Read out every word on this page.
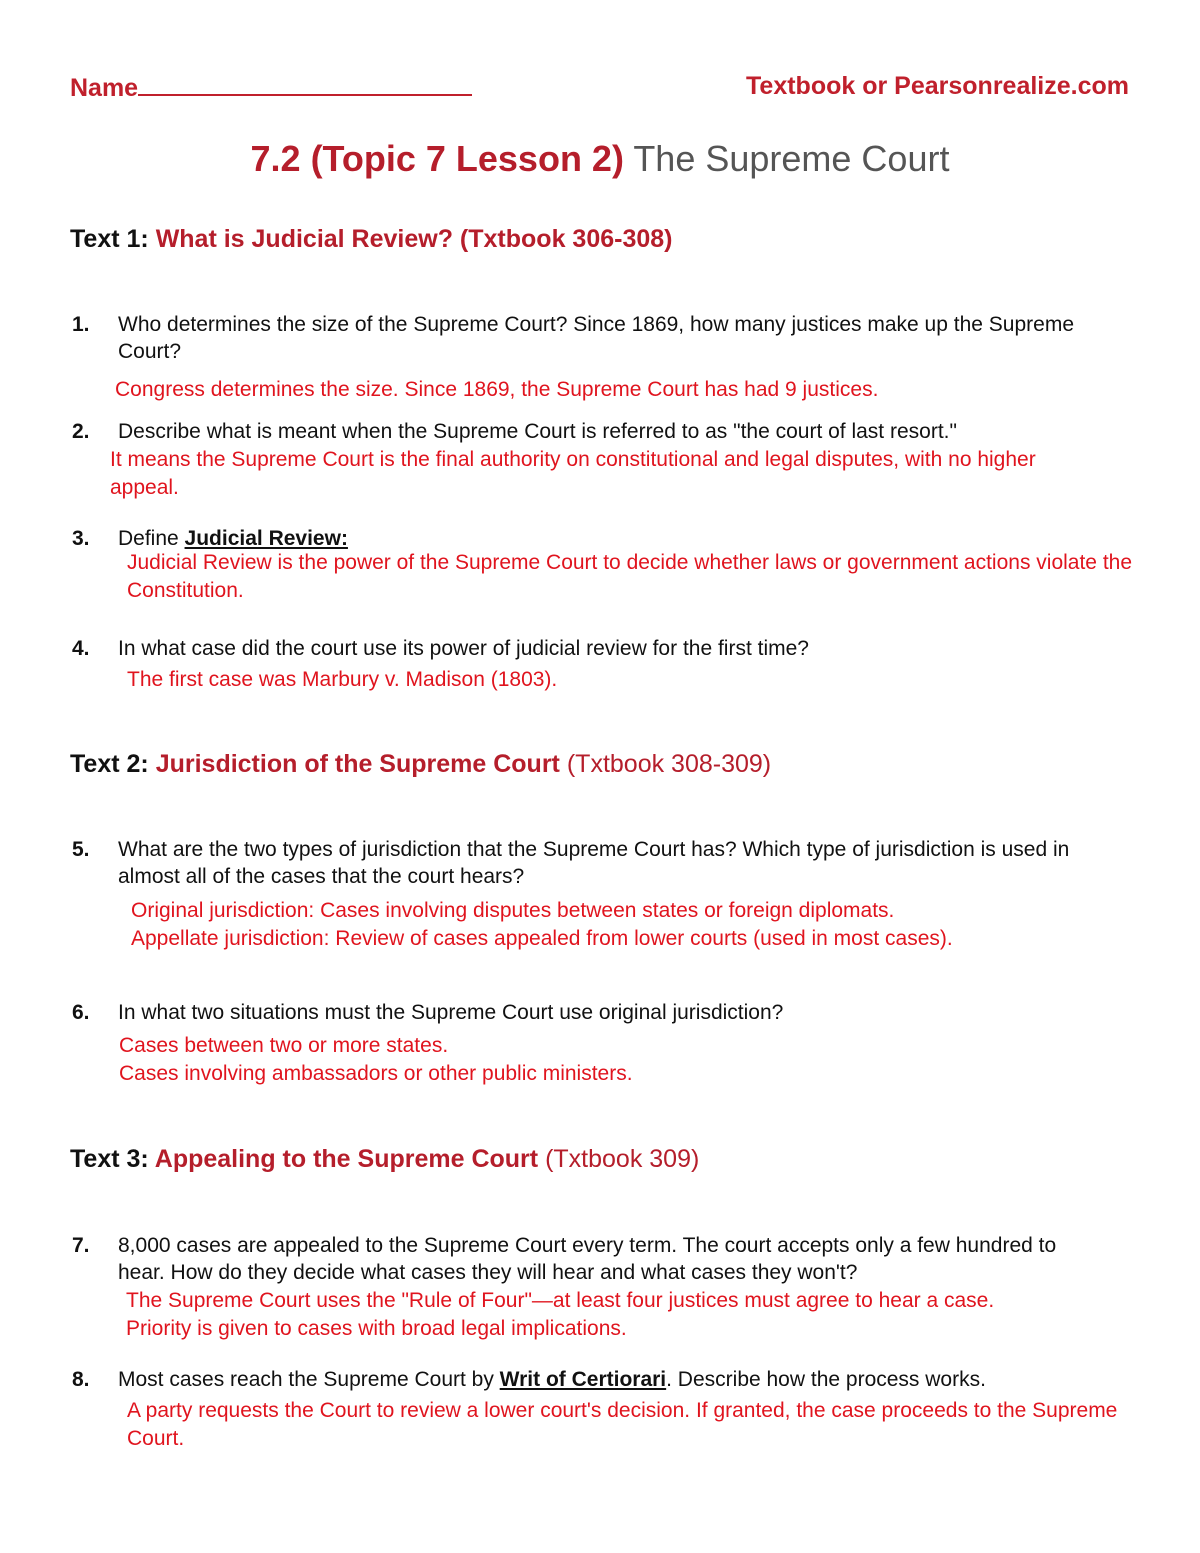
Name	Textbook or Pearsonrealize.com
7.2 (Topic 7 Lesson 2) The Supreme Court
Text 1: What is Judicial Review? (Txtbook 306-308)
1.	Who determines the size of the Supreme Court? Since 1869, how many justices make up the Supreme Court?
Congress determines the size. Since 1869, the Supreme Court has had 9 justices.
2.	Describe what is meant when the Supreme Court is referred to as "the court of last resort."
It means the Supreme Court is the final authority on constitutional and legal disputes, with no higher appeal.
3.	Define Judicial Review:
Judicial Review is the power of the Supreme Court to decide whether laws or government actions violate the Constitution.
4.	In what case did the court use its power of judicial review for the first time?
The first case was Marbury v. Madison (1803).
Text 2: Jurisdiction of the Supreme Court (Txtbook 308-309)
5.	What are the two types of jurisdiction that the Supreme Court has? Which type of jurisdiction is used in almost all of the cases that the court hears?
Original jurisdiction: Cases involving disputes between states or foreign diplomats.
Appellate jurisdiction: Review of cases appealed from lower courts (used in most cases).
6.	In what two situations must the Supreme Court use original jurisdiction?
Cases between two or more states.
Cases involving ambassadors or other public ministers.
Text 3: Appealing to the Supreme Court (Txtbook 309)
7.	8,000 cases are appealed to the Supreme Court every term. The court accepts only a few hundred to hear. How do they decide what cases they will hear and what cases they won't?
The Supreme Court uses the "Rule of Four"—at least four justices must agree to hear a case.
Priority is given to cases with broad legal implications.
8.	Most cases reach the Supreme Court by Writ of Certiorari. Describe how the process works.
A party requests the Court to review a lower court's decision. If granted, the case proceeds to the Supreme Court.
